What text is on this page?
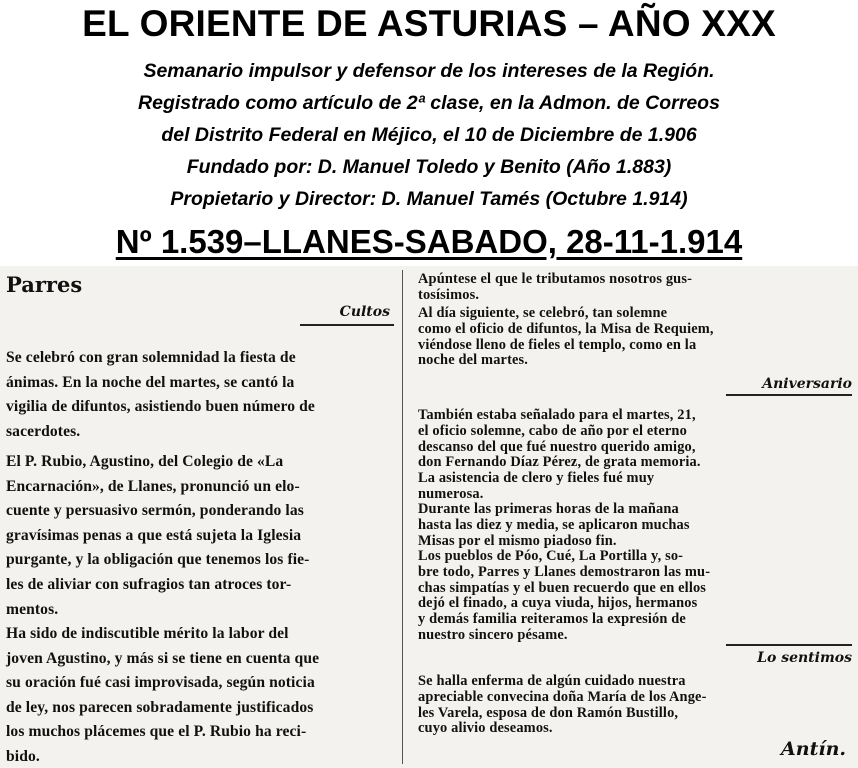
EL ORIENTE DE ASTURIAS – AÑO XXX
Semanario impulsor y defensor de los intereses de la Región.
Registrado como artículo de 2ª clase, en la Admon. de Correos
del Distrito Federal en Méjico, el 10 de Diciembre de 1.906
Fundado por: D. Manuel Toledo y Benito (Año 1.883)
Propietario y Director: D. Manuel Tamés (Octubre 1.914)
Nº 1.539–LLANES-SABADO, 28-11-1.914
Parres
Cultos

Se celebró con gran solemnidad la fiesta de
ánimas. En la noche del martes, se cantó la
vigilia de difuntos, asistiendo buen número de
sacerdotes.

El P. Rubio, Agustino, del Colegio de «La
Encarnación», de Llanes, pronunció un elo-
cuente y persuasivo sermón, ponderando las
gravísimas penas a que está sujeta la Iglesia
purgante, y la obligación que tenemos los fie-
les de aliviar con sufragios tan atroces tor-
mentos.

Ha sido de indiscutible mérito la labor del
joven Agustino, y más si se tiene en cuenta que
su oración fué casi improvisada, según noticia
de ley, nos parecen sobradamente justificados
los muchos plácemes que el P. Rubio ha reci-
bido.

Apúntese el que le tributamos nosotros gus-
tosísimos.

Al día siguiente, se celebró, tan solemne
como el oficio de difuntos, la Misa de Requiem,
viéndose lleno de fieles el templo, como en la
noche del martes.

Aniversario

También estaba señalado para el martes, 21,
el oficio solemne, cabo de año por el eterno
descanso del que fué nuestro querido amigo,
don Fernando Díaz Pérez, de grata memoria.

La asistencia de clero y fieles fué muy
numerosa.

Durante las primeras horas de la mañana
hasta las diez y media, se aplicaron muchas
Misas por el mismo piadoso fin.

Los pueblos de Póo, Cué, La Portilla y, so-
bre todo, Parres y Llanes demostraron las mu-
chas simpatías y el buen recuerdo que en ellos
dejó el finado, a cuya viuda, hijos, hermanos
y demás familia reiteramos la expresión de
nuestro sincero pésame.

Lo sentimos

Se halla enferma de algún cuidado nuestra
apreciable convecina doña María de los Ange-
les Varela, esposa de don Ramón Bustillo,
cuyo alivio deseamos.

Antín.
